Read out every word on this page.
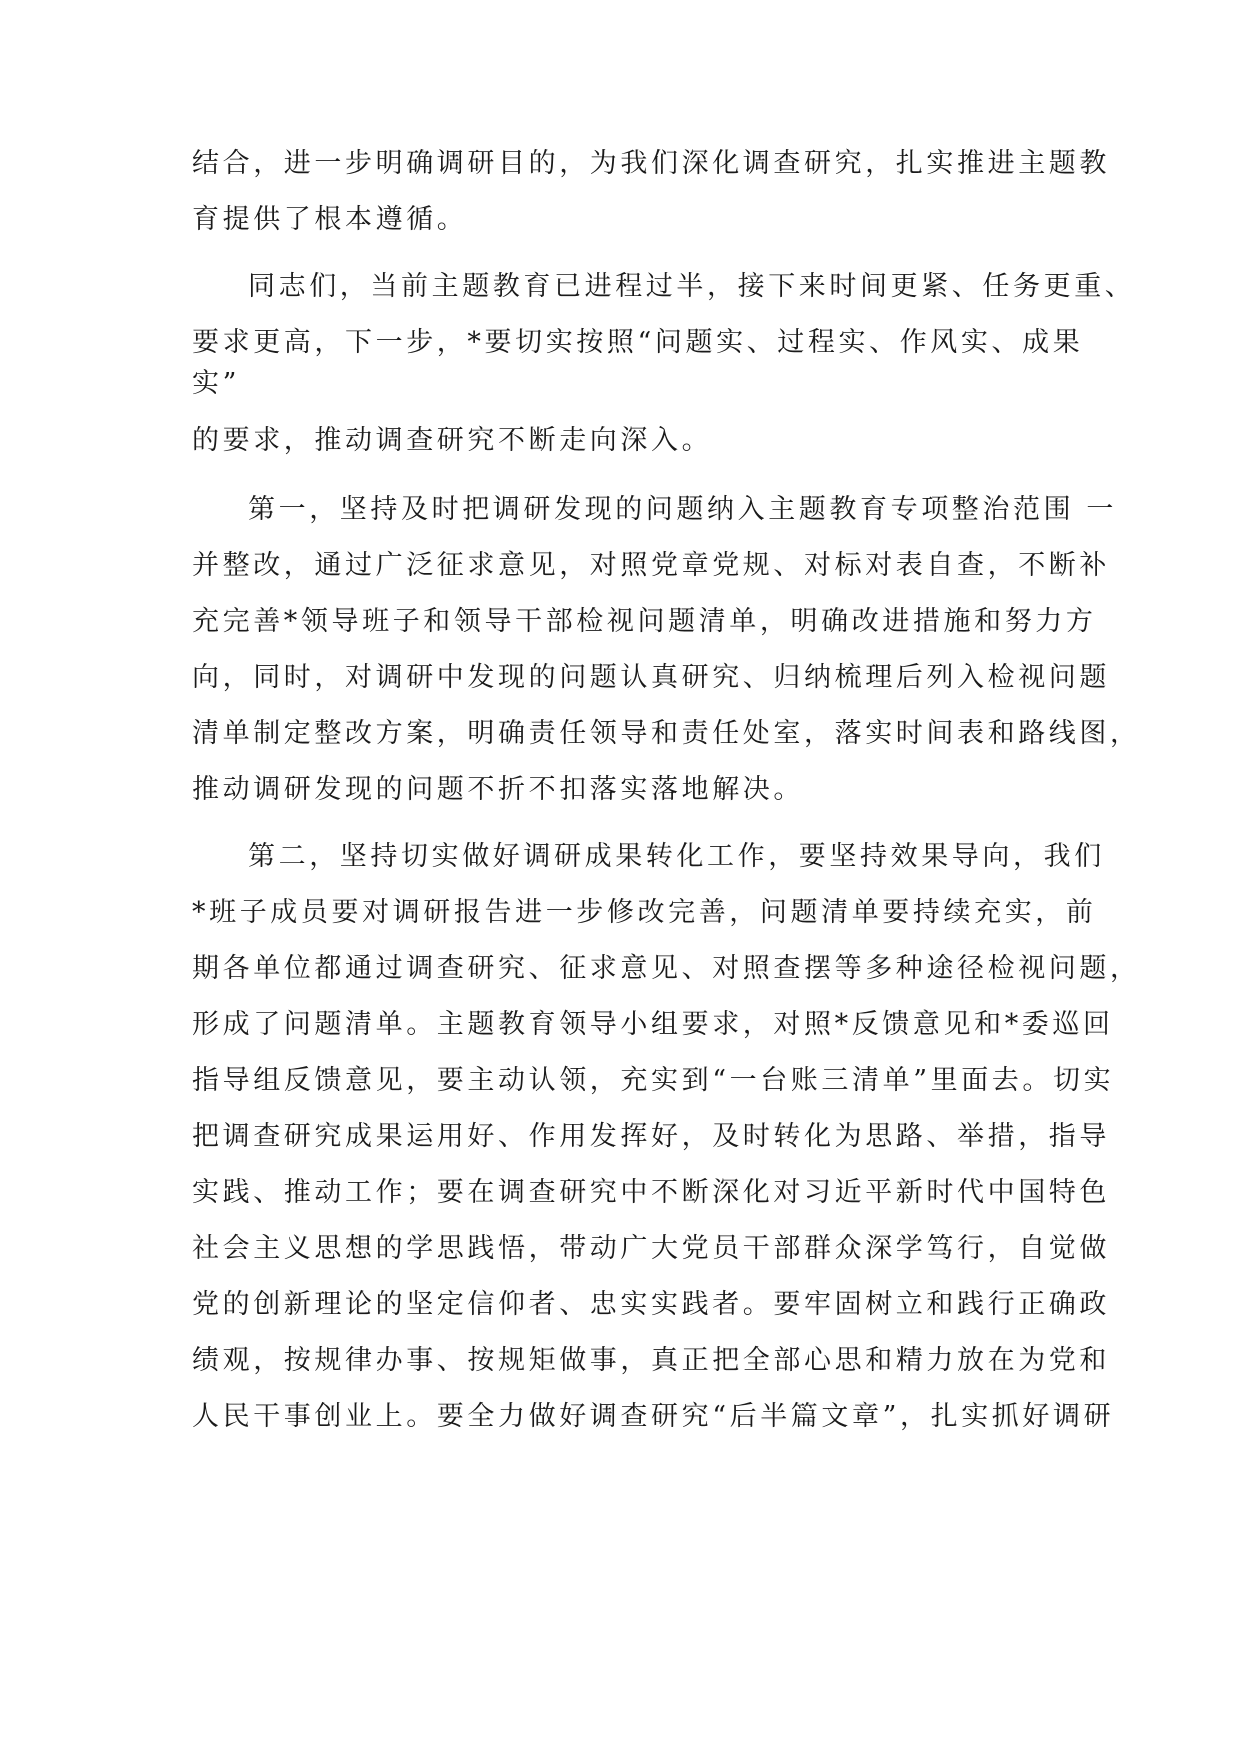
结合，进一步明确调研目的，为我们深化调查研究，扎实推进主题教
育提供了根本遵循。
同志们，当前主题教育已进程过半，接下来时间更紧、任务更重、
要求更高，下一步，*要切实按照“问题实、过程实、作风实、成果
实”
的要求，推动调查研究不断走向深入。
第一，坚持及时把调研发现的问题纳入主题教育专项整治范围 一
并整改，通过广泛征求意见，对照党章党规、对标对表自查，不断补
充完善*领导班子和领导干部检视问题清单，明确改进措施和努力方
向，同时，对调研中发现的问题认真研究、归纳梳理后列入检视问题
清单制定整改方案，明确责任领导和责任处室，落实时间表和路线图，
推动调研发现的问题不折不扣落实落地解决。
第二，坚持切实做好调研成果转化工作，要坚持效果导向，我们
*班子成员要对调研报告进一步修改完善，问题清单要持续充实，前
期各单位都通过调查研究、征求意见、对照查摆等多种途径检视问题，
形成了问题清单。主题教育领导小组要求，对照*反馈意见和*委巡回
指导组反馈意见，要主动认领，充实到“一台账三清单”里面去。切实
把调查研究成果运用好、作用发挥好，及时转化为思路、举措，指导
实践、推动工作；要在调查研究中不断深化对习近平新时代中国特色
社会主义思想的学思践悟，带动广大党员干部群众深学笃行，自觉做
党的创新理论的坚定信仰者、忠实实践者。要牢固树立和践行正确政
绩观，按规律办事、按规矩做事，真正把全部心思和精力放在为党和
人民干事创业上。要全力做好调查研究“后半篇文章”，扎实抓好调研
